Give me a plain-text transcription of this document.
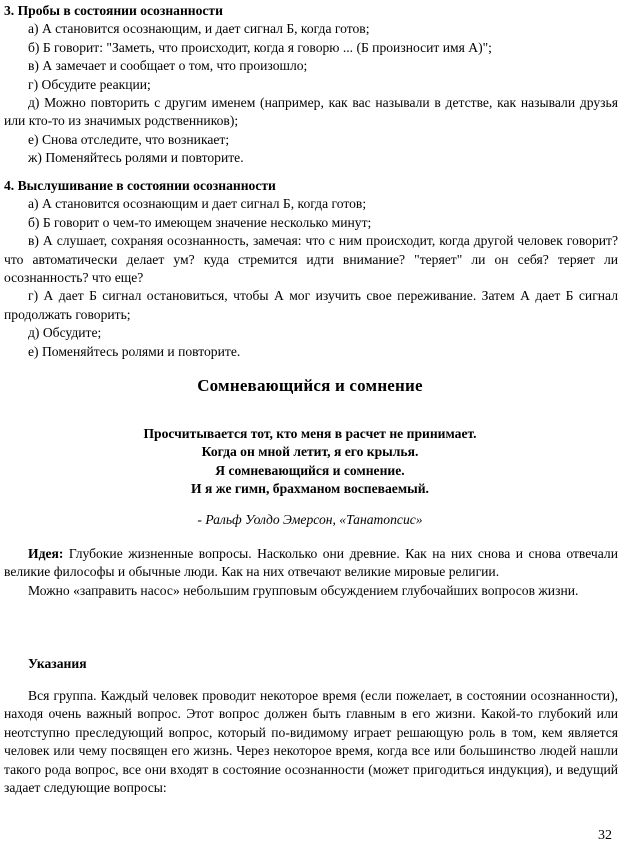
3. Пробы в состоянии осознанности

а) А становится осознающим, и дает сигнал Б, когда готов;

б) Б говорит: "Заметь, что происходит, когда я говорю ... (Б произносит имя А)";

в) А замечает и сообщает о том, что произошло;

г) Обсудите реакции;

д) Можно повторить с другим именем (например, как вас называли в детстве, как называли друзья или кто-то из значимых родственников);

е) Снова отследите, что возникает;

ж) Поменяйтесь ролями и повторите.

4. Выслушивание в состоянии осознанности

а) А становится осознающим и дает сигнал Б, когда готов;

б) Б говорит о чем-то имеющем значение несколько минут;

в) А слушает, сохраняя осознанность, замечая: что с ним происходит, когда другой человек говорит? что автоматически делает ум? куда стремится идти внимание? "теряет" ли он себя? теряет ли осознанность? что еще?

г) А дает Б сигнал остановиться, чтобы А мог изучить свое переживание. Затем А дает Б сигнал продолжать говорить;

д) Обсудите;

е) Поменяйтесь ролями и повторите.

Сомневающийся и сомнение
Просчитывается тот, кто меня в расчет не принимает.
Когда он мной летит, я его крылья.
Я сомневающийся и сомнение.
И я же гимн, брахманом воспеваемый.
- Ральф Уолдо Эмерсон, «Танатопсис»

Идея: Глубокие жизненные вопросы. Насколько они древние. Как на них снова и снова отвечали великие философы и обычные люди. Как на них отвечают великие мировые религии.

Можно «заправить насос» небольшим групповым обсуждением глубочайших вопросов жизни.

Указания

Вся группа. Каждый человек проводит некоторое время (если пожелает, в состоянии осознанности), находя очень важный вопрос. Этот вопрос должен быть главным в его жизни. Какой-то глубокий или неотступно преследующий вопрос, который по-видимому играет решающую роль в том, кем является человек или чему посвящен его жизнь. Через некоторое время, когда все или большинство людей нашли такого рода вопрос, все они входят в состояние осознанности (может пригодиться индукция), и ведущий задает следующие вопросы:

32
